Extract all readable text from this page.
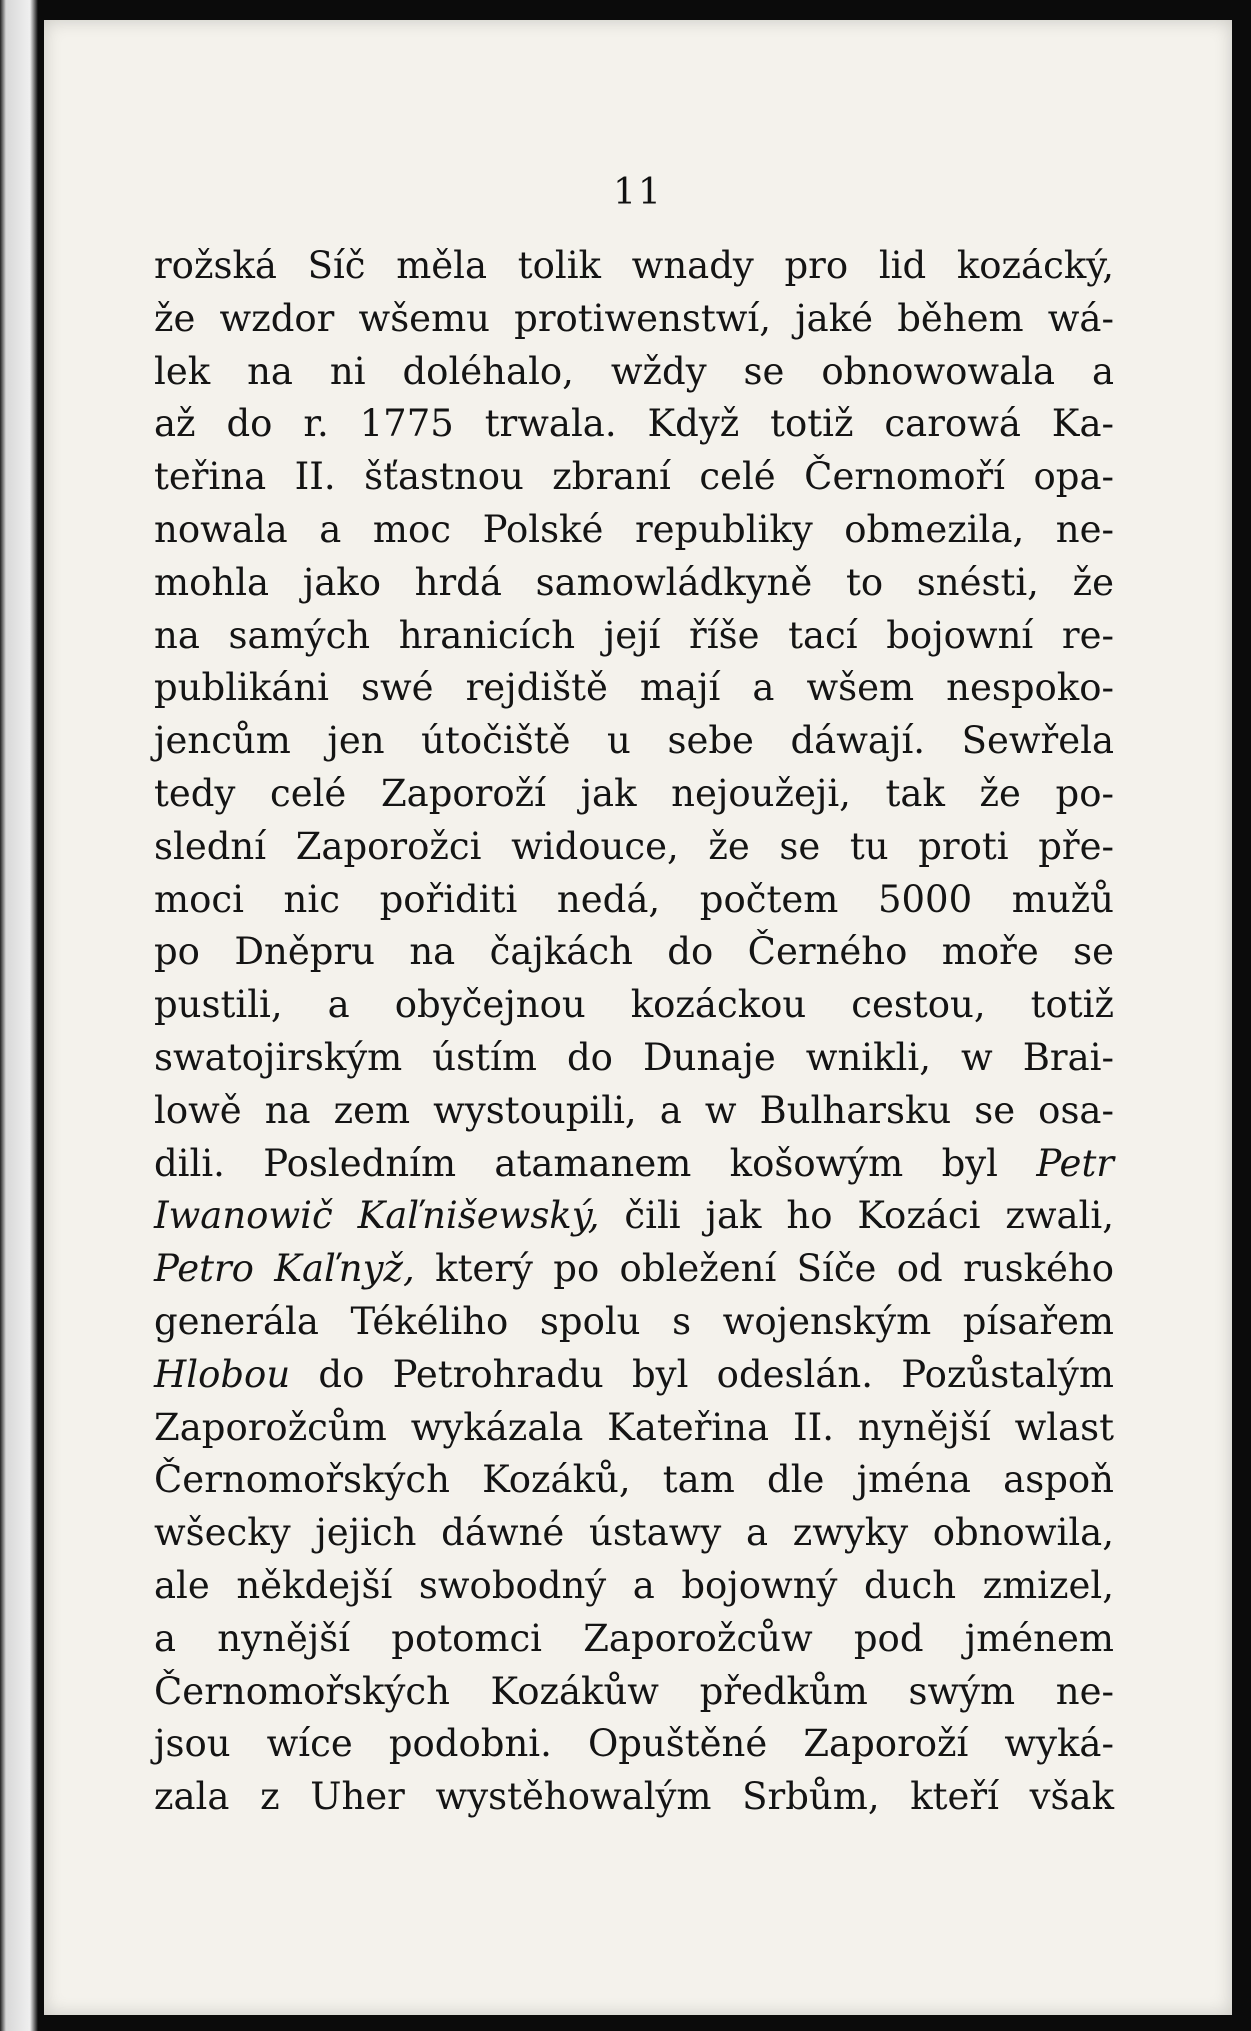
11
rožská Síč měla tolik wnady pro lid kozácký,
že wzdor wšemu protiwenstwí, jaké během wá-
lek na ni doléhalo, wždy se obnowowala a
až do r. 1775 trwala. Když totiž carowá Ka-
teřina II. šťastnou zbraní celé Černomoří opa-
nowala a moc Polské republiky obmezila, ne-
mohla jako hrdá samowládkyně to snésti, že
na samých hranicích její říše tací bojowní re-
publikáni swé rejdiště mají a wšem nespoko-
jencům jen útočiště u sebe dáwají. Sewřela
tedy celé Zaporoží jak nejoužeji, tak že po-
slední Zaporožci widouce, že se tu proti pře-
moci nic pořiditi nedá, počtem 5000 mužů
po Dněpru na čajkách do Černého moře se
pustili, a obyčejnou kozáckou cestou, totiž
swatojirským ústím do Dunaje wnikli, w Brai-
lowě na zem wystoupili, a w Bulharsku se osa-
dili. Posledním atamanem košowým byl Petr
Iwanowič Kaľnišewský, čili jak ho Kozáci zwali,
Petro Kaľnyž, který po obležení Síče od ruského
generála Tékéliho spolu s wojenským písařem
Hlobou do Petrohradu byl odeslán. Pozůstalým
Zaporožcům wykázala Kateřina II. nynější wlast
Černomořských Kozáků, tam dle jména aspoň
wšecky jejich dáwné ústawy a zwyky obnowila,
ale někdejší swobodný a bojowný duch zmizel,
a nynější potomci Zaporožcůw pod jménem
Černomořských Kozákůw předkům swým ne-
jsou wíce podobni. Opuštěné Zaporoží wyká-
zala z Uher wystěhowalým Srbům, kteří však
